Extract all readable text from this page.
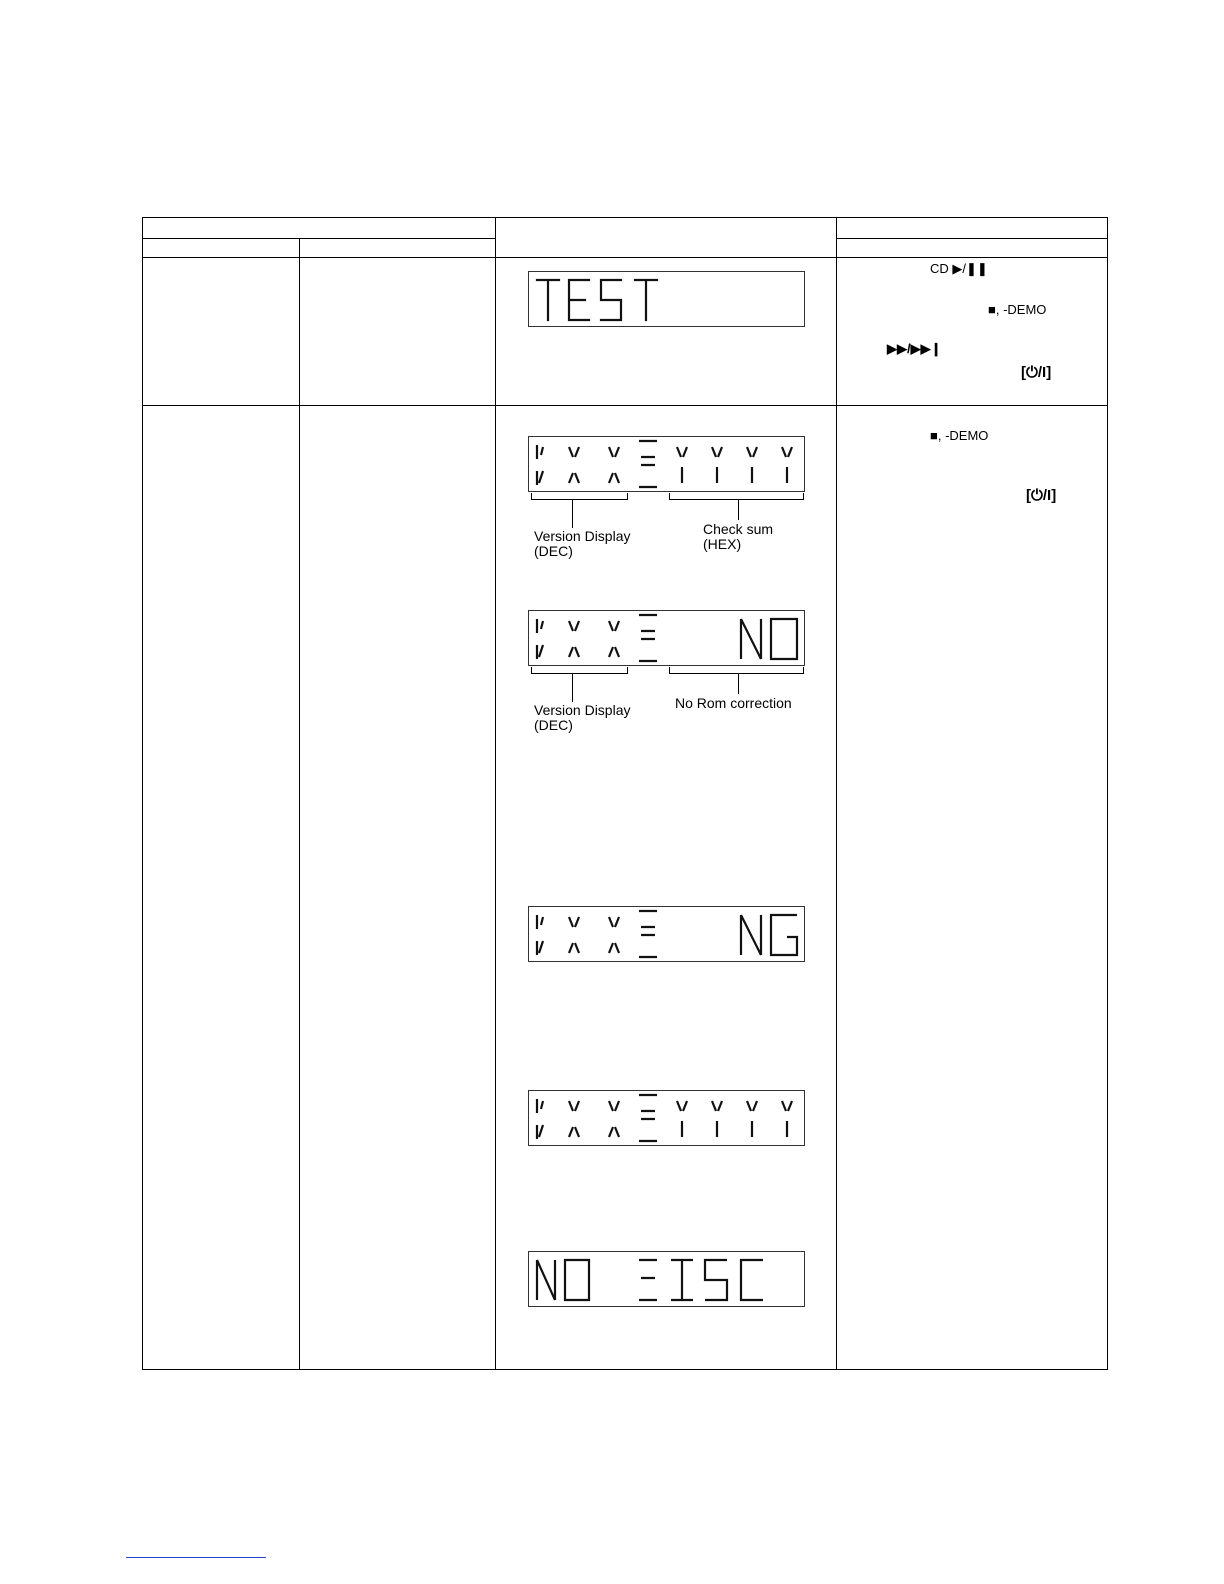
CD ▶/❚❚
■, -DEMO
▶▶/▶▶❙
[⏻/I]
Version Display
(DEC)
Check sum
(HEX)
Version Display
(DEC)
No Rom correction
■, -DEMO
[⏻/I]
